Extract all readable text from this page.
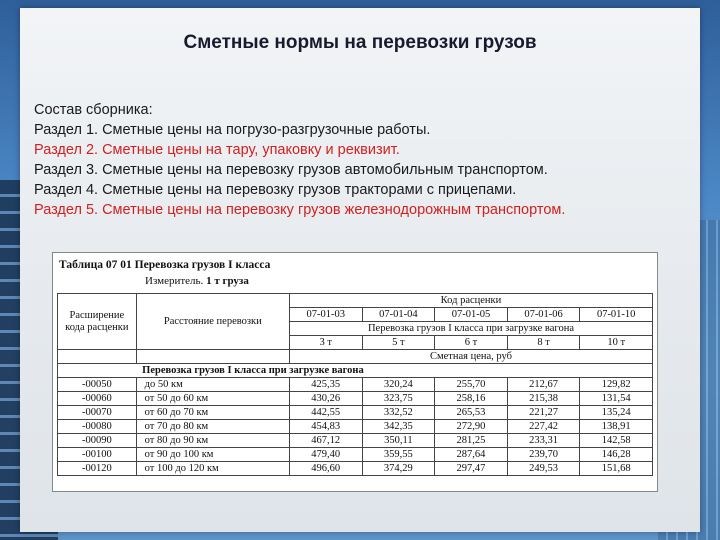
Сметные нормы на перевозки грузов
Состав сборника:
Раздел 1. Сметные цены на погрузо-разгрузочные работы.
Раздел 2. Сметные цены на тару, упаковку и реквизит.
Раздел 3. Сметные цены на перевозку грузов автомобильным транспортом.
Раздел 4. Сметные цены на перевозку грузов тракторами с прицепами.
Раздел 5. Сметные цены на перевозку грузов железнодорожным транспортом.
Таблица 07 01 Перевозка грузов I класса
Измеритель. 1 т груза
Расширение кода расценки	Расстояние перевозки	Код расценки				
		07-01-03	07-01-04	07-01-05	07-01-06	07-01-10
		Перевозка грузов I класса при загрузке вагона				
		3 т	5 т	6 т	8 т	10 т
		Сметная цена, руб				
	Перевозка грузов I класса при загрузке вагона					
-00050	до 50 км	425,35	320,24	255,70	212,67	129,82
-00060	от 50 до 60 км	430,26	323,75	258,16	215,38	131,54
-00070	от 60 до 70 км	442,55	332,52	265,53	221,27	135,24
-00080	от 70 до 80 км	454,83	342,35	272,90	227,42	138,91
-00090	от 80 до 90 км	467,12	350,11	281,25	233,31	142,58
-00100	от 90 до 100 км	479,40	359,55	287,64	239,70	146,28
-00120	от 100 до 120 км	496,60	374,29	297,47	249,53	151,68
